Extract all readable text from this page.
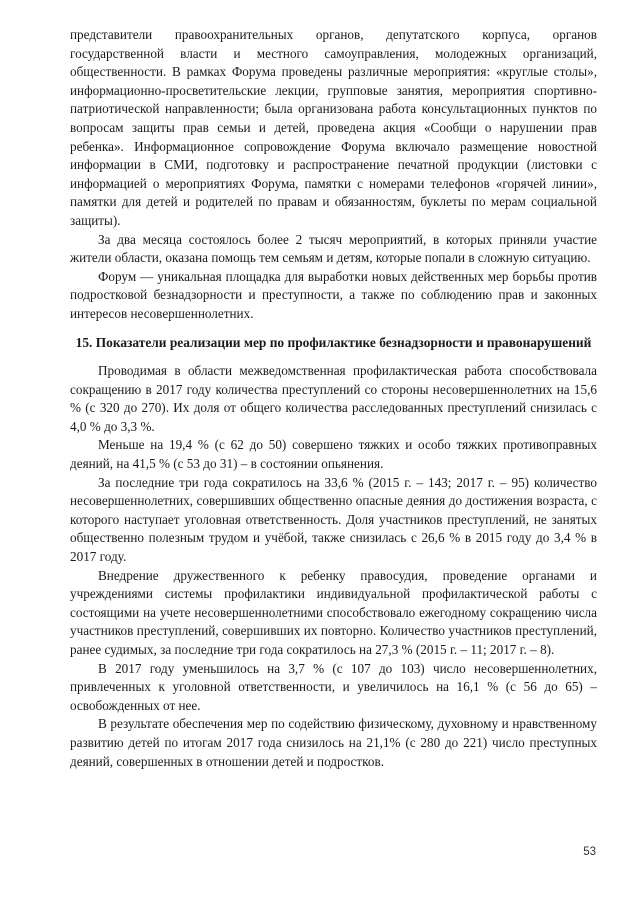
представители правоохранительных органов, депутатского корпуса, органов государственной власти и местного самоуправления, молодежных организаций, общественности. В рамках Форума проведены различные мероприятия: «круглые столы», информационно-просветительские лекции, групповые занятия, мероприятия спортивно-патриотической направленности; была организована работа консультационных пунктов по вопросам защиты прав семьи и детей, проведена акция «Сообщи о нарушении прав ребенка». Информационное сопровождение Форума включало размещение новостной информации в СМИ, подготовку и распространение печатной продукции (листовки с информацией о мероприятиях Форума, памятки с номерами телефонов «горячей линии», памятки для детей и родителей по правам и обязанностям, буклеты по мерам социальной защиты).

За два месяца состоялось более 2 тысяч мероприятий, в которых приняли участие жители области, оказана помощь тем семьям и детям, которые попали в сложную ситуацию.

Форум — уникальная площадка для выработки новых действенных мер борьбы против подростковой безнадзорности и преступности, а также по соблюдению прав и законных интересов несовершеннолетних.

15. Показатели реализации мер по профилактике безнадзорности и правонарушений

Проводимая в области межведомственная профилактическая работа способствовала сокращению в 2017 году количества преступлений со стороны несовершеннолетних на 15,6 % (с 320 до 270). Их доля от общего количества расследованных преступлений снизилась с 4,0 % до 3,3 %.

Меньше на 19,4 % (с 62 до 50) совершено тяжких и особо тяжких противоправных деяний, на 41,5 % (с 53 до 31) – в состоянии опьянения.

За последние три года сократилось на 33,6 % (2015 г. – 143; 2017 г. – 95) количество несовершеннолетних, совершивших общественно опасные деяния до достижения возраста, с которого наступает уголовная ответственность. Доля участников преступлений, не занятых общественно полезным трудом и учёбой, также снизилась с 26,6 % в 2015 году до 3,4 % в 2017 году.

Внедрение дружественного к ребенку правосудия, проведение органами и учреждениями системы профилактики индивидуальной профилактической работы с состоящими на учете несовершеннолетними способствовало ежегодному сокращению числа участников преступлений, совершивших их повторно. Количество участников преступлений, ранее судимых, за последние три года сократилось на 27,3 % (2015 г. – 11; 2017 г. – 8).

В 2017 году уменьшилось на 3,7 % (с 107 до 103) число несовершеннолетних, привлеченных к уголовной ответственности, и увеличилось на 16,1 % (с 56 до 65) – освобожденных от нее.

В результате обеспечения мер по содействию физическому, духовному и нравственному развитию детей по итогам 2017 года снизилось на 21,1% (с 280 до 221) число преступных деяний, совершенных в отношении детей и подростков.

53
